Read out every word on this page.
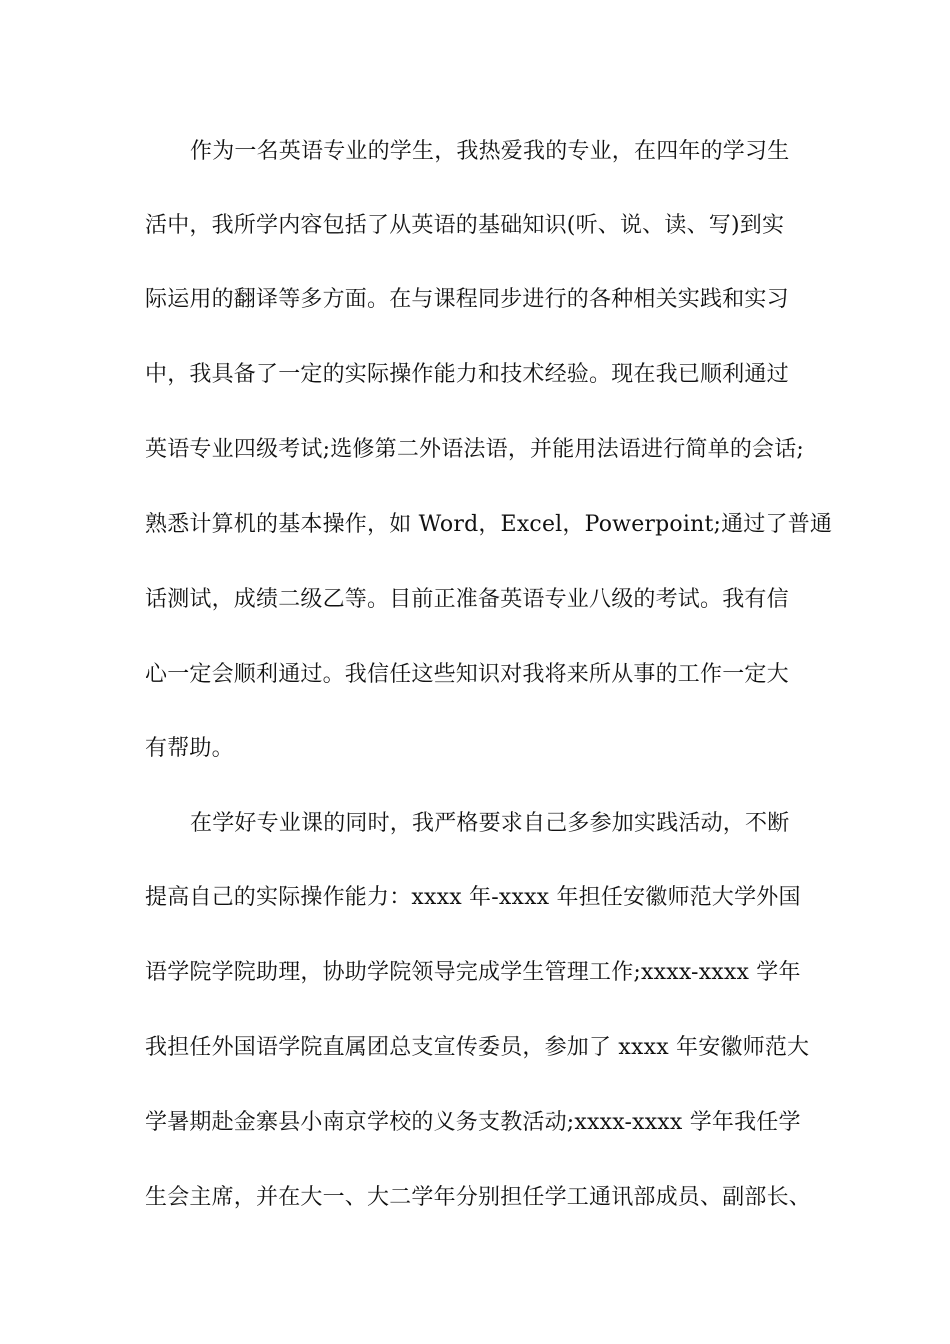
作为一名英语专业的学生，我热爱我的专业，在四年的学习生
活中，我所学内容包括了从英语的基础知识(听、说、读、写)到实
际运用的翻译等多方面。在与课程同步进行的各种相关实践和实习
中，我具备了一定的实际操作能力和技术经验。现在我已顺利通过
英语专业四级考试;选修第二外语法语，并能用法语进行简单的会话;
熟悉计算机的基本操作，如 Word，Excel，Powerpoint;通过了普通
话测试，成绩二级乙等。目前正准备英语专业八级的考试。我有信
心一定会顺利通过。我信任这些知识对我将来所从事的工作一定大
有帮助。
在学好专业课的同时，我严格要求自己多参加实践活动，不断
提高自己的实际操作能力：xxxx 年-xxxx 年担任安徽师范大学外国
语学院学院助理，协助学院领导完成学生管理工作;xxxx-xxxx 学年
我担任外国语学院直属团总支宣传委员，参加了 xxxx 年安徽师范大
学暑期赴金寨县小南京学校的义务支教活动;xxxx-xxxx 学年我任学
生会主席，并在大一、大二学年分别担任学工通讯部成员、副部长、
